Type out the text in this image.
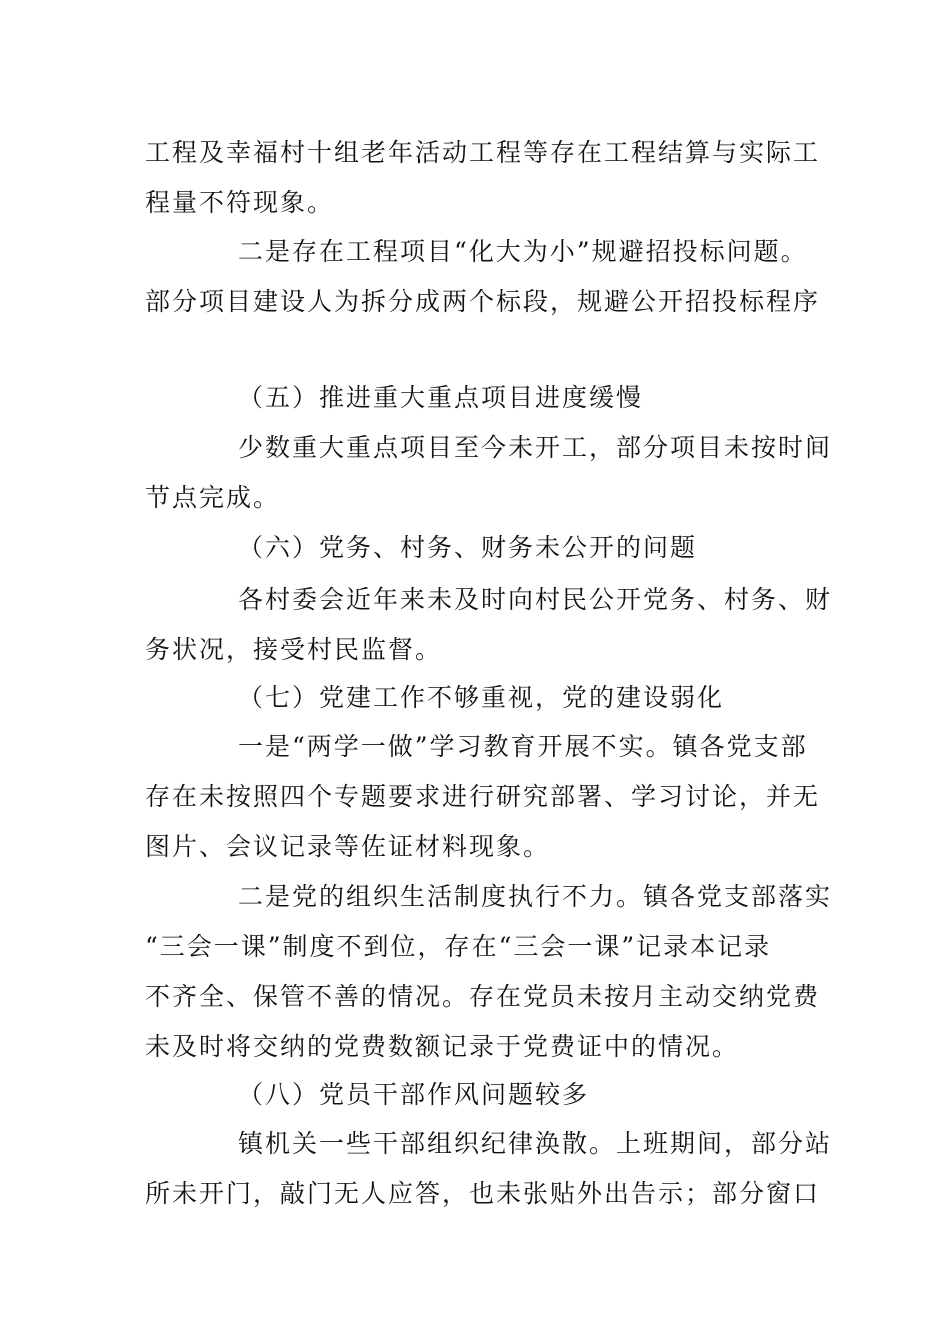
工程及幸福村十组老年活动工程等存在工程结算与实际工
程量不符现象。
二是存在工程项目“化大为小”规避招投标问题。
部分项目建设人为拆分成两个标段，规避公开招投标程序
（五）推进重大重点项目进度缓慢
少数重大重点项目至今未开工，部分项目未按时间
节点完成。
（六）党务、村务、财务未公开的问题
各村委会近年来未及时向村民公开党务、村务、财
务状况，接受村民监督。
（七）党建工作不够重视，党的建设弱化
一是“两学一做”学习教育开展不实。镇各党支部
存在未按照四个专题要求进行研究部署、学习讨论，并无
图片、会议记录等佐证材料现象。
二是党的组织生活制度执行不力。镇各党支部落实
“三会一课”制度不到位，存在“三会一课”记录本记录
不齐全、保管不善的情况。存在党员未按月主动交纳党费
未及时将交纳的党费数额记录于党费证中的情况。
（八）党员干部作风问题较多
镇机关一些干部组织纪律涣散。上班期间，部分站
所未开门，敲门无人应答，也未张贴外出告示；部分窗口
